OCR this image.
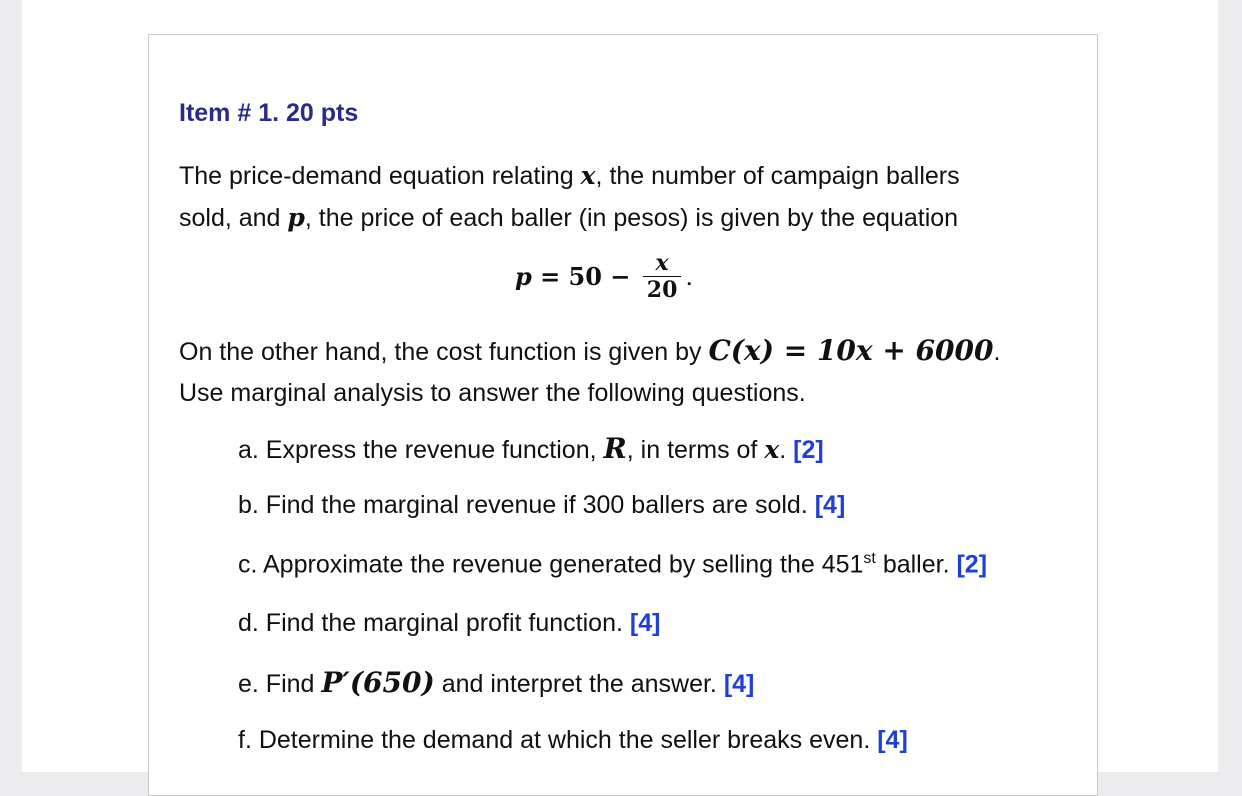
Item # 1. 20 pts
The price-demand equation relating x, the number of campaign ballers
sold, and p, the price of each baller (in pesos) is given by the equation
$p = 50 - \frac{x}{20}$ .
On the other hand, the cost function is given by C(x) = 10x + 6000.
Use marginal analysis to answer the following questions.
a. Express the revenue function, R, in terms of x. [2]
b. Find the marginal revenue if 300 ballers are sold. [4]
c. Approximate the revenue generated by selling the 451st baller. [2]
d. Find the marginal profit function. [4]
e. Find P′(650) and interpret the answer. [4]
f. Determine the demand at which the seller breaks even. [4]
